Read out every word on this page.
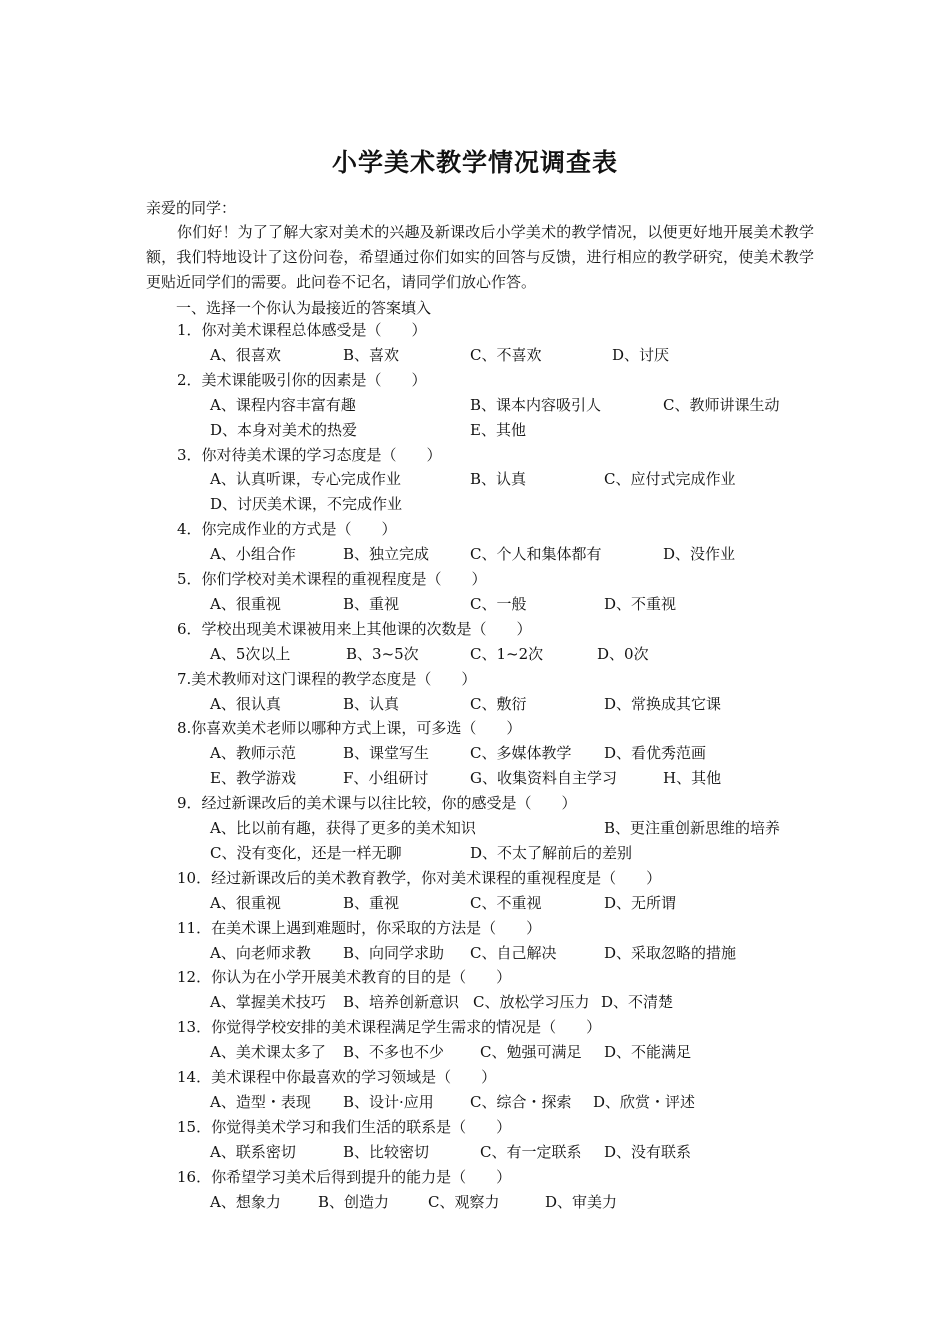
小学美术教学情况调查表
亲爱的同学：
你们好！为了了解大家对美术的兴趣及新课改后小学美术的教学情况，以便更好地开展美术教学额，我们特地设计了这份问卷，希望通过你们如实的回答与反馈，进行相应的教学研究，使美术教学更贴近同学们的需要。此问卷不记名，请同学们放心作答。
一、选择一个你认为最接近的答案填入
1．你对美术课程总体感受是（　　）
A、很喜欢	B、喜欢	C、不喜欢	D、讨厌
2．美术课能吸引你的因素是（　　）
A、课程内容丰富有趣	B、课本内容吸引人	C、教师讲课生动
D、本身对美术的热爱	E、其他
3．你对待美术课的学习态度是（　　）
A、认真听课，专心完成作业	B、认真	C、应付式完成作业
D、讨厌美术课，不完成作业
4．你完成作业的方式是（　　）
A、小组合作	B、独立完成	C、个人和集体都有	D、没作业
5．你们学校对美术课程的重视程度是（　　）
A、很重视	B、重视	C、一般	D、不重视
6．学校出现美术课被用来上其他课的次数是（　　）
A、5次以上	B、3~5次	C、1~2次	D、0次
7.美术教师对这门课程的教学态度是（　　）
A、很认真	B、认真	C、敷衍	D、常换成其它课
8.你喜欢美术老师以哪种方式上课，可多选（　　）
A、教师示范	B、课堂写生	C、多媒体教学 D、看优秀范画
E、教学游戏	F、小组研讨	G、收集资料自主学习	H、其他
9．经过新课改后的美术课与以往比较，你的感受是（　　）
A、比以前有趣，获得了更多的美术知识	B、更注重创新思维的培养
C、没有变化，还是一样无聊	D、不太了解前后的差别
10．经过新课改后的美术教育教学，你对美术课程的重视程度是（　　）
A、很重视	B、重视	C、不重视	D、无所谓
11．在美术课上遇到难题时，你采取的方法是（　　）
A、向老师求教 B、向同学求助 C、自己解决	D、采取忽略的措施
12．你认为在小学开展美术教育的目的是（　　）
A、掌握美术技巧 B、培养创新意识 C、放松学习压力 D、不清楚
13．你觉得学校安排的美术课程满足学生需求的情况是（　　）
A、美术课太多了 B、不多也不少 C、勉强可满足 D、不能满足
14．美术课程中你最喜欢的学习领域是（　　）
A、造型・表现 B、设计·应用 C、综合・探索 D、欣赏・评述
15．你觉得美术学习和我们生活的联系是（　　）
A、联系密切	B、比较密切	C、有一定联系 D、没有联系
16．你希望学习美术后得到提升的能力是（　　）
A、想象力 B、创造力	C、观察力	D、审美力
